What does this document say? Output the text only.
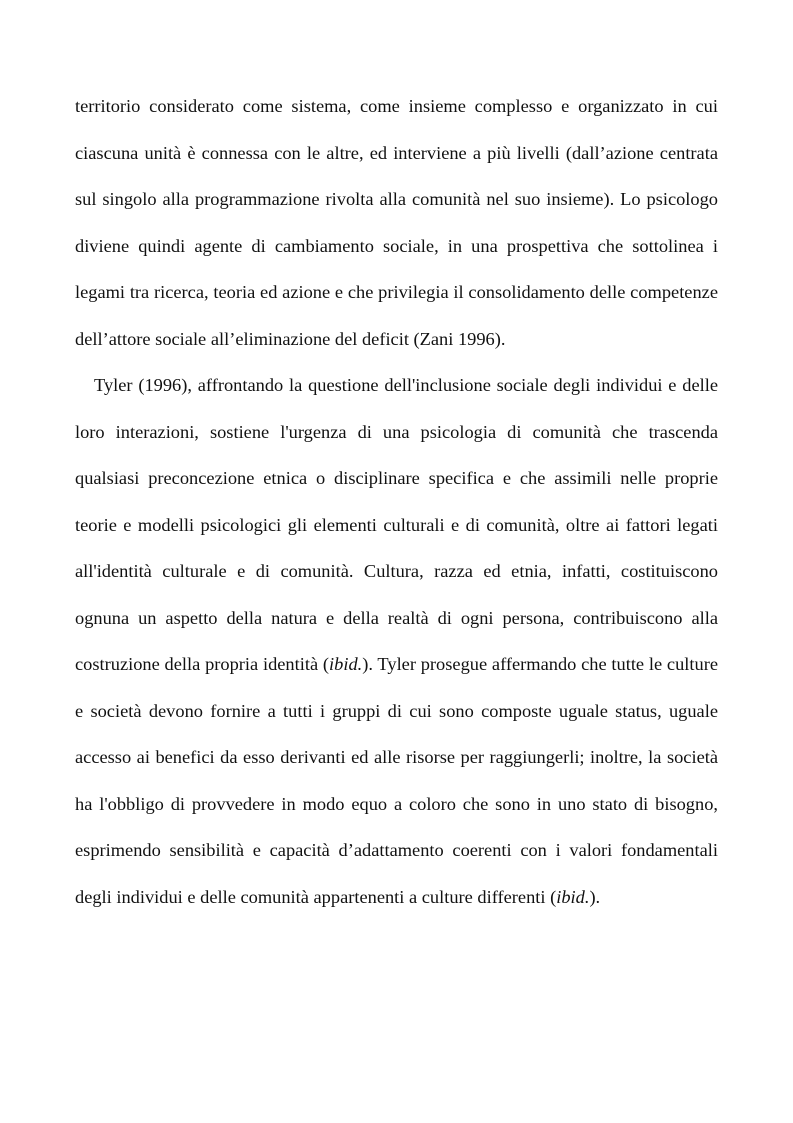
territorio considerato come sistema, come insieme complesso e organizzato in cui ciascuna unità è connessa con le altre, ed interviene a più livelli (dall’azione centrata sul singolo alla programmazione rivolta alla comunità nel suo insieme). Lo psicologo diviene quindi agente di cambiamento sociale, in una prospettiva che sottolinea i legami tra ricerca, teoria ed azione e che privilegia il consolidamento delle competenze dell’attore sociale all’eliminazione del deficit (Zani 1996).

Tyler (1996), affrontando la questione dell'inclusione sociale degli individui e delle loro interazioni, sostiene l'urgenza di una psicologia di comunità che trascenda qualsiasi preconcezione etnica o disciplinare specifica e che assimili nelle proprie teorie e modelli psicologici gli elementi culturali e di comunità, oltre ai fattori legati all'identità culturale e di comunità. Cultura, razza ed etnia, infatti, costituiscono ognuna un aspetto della natura e della realtà di ogni persona, contribuiscono alla costruzione della propria identità (ibid.). Tyler prosegue affermando che tutte le culture e società devono fornire a tutti i gruppi di cui sono composte uguale status, uguale accesso ai benefici da esso derivanti ed alle risorse per raggiungerli; inoltre, la società ha l'obbligo di provvedere in modo equo a coloro che sono in uno stato di bisogno, esprimendo sensibilità e capacità d’adattamento coerenti con i valori fondamentali degli individui e delle comunità appartenenti a culture differenti (ibid.).
